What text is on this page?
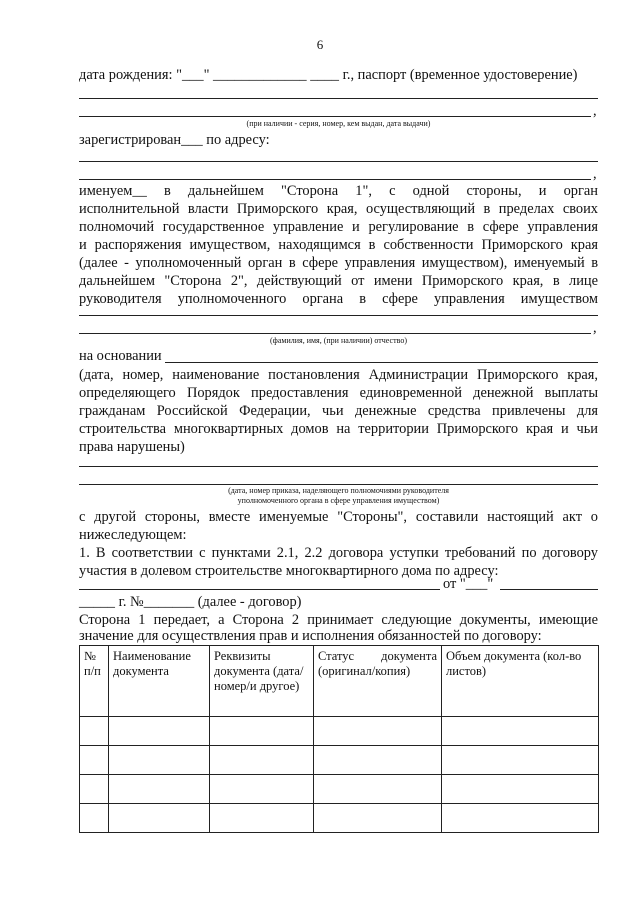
6
дата рождения: "___" _____________ ____ г., паспорт (временное удостоверение)
,
(при наличии - серия, номер, кем выдан, дата выдачи)
зарегистрирован___ по адресу:
,
именуем__ в дальнейшем "Сторона 1", с одной стороны, и орган
исполнительной власти Приморского края, осуществляющий в пределах своих
полномочий государственное управление и регулирование в сфере управления
и распоряжения имуществом, находящимся в собственности Приморского края
(далее - уполномоченный орган в сфере управления имуществом), именуемый в
дальнейшем "Сторона 2", действующий от имени Приморского края, в лице
руководителя уполномоченного органа в сфере управления имуществом
,
(фамилия, имя, (при наличии) отчество)
на основании
(дата, номер, наименование постановления Администрации Приморского края,
определяющего Порядок предоставления единовременной денежной выплаты
гражданам Российской Федерации, чьи денежные средства привлечены для
строительства многоквартирных домов на территории Приморского края и чьи
права нарушены)
(дата, номер приказа, наделяющего полномочиями руководителя
уполномоченного органа в сфере управления имуществом)
с другой стороны, вместе именуемые "Стороны", составили настоящий акт о
нижеследующем:
1. В соответствии с пунктами 2.1, 2.2 договора уступки требований по договору
участия в долевом строительстве многоквартирного дома по адресу:
от "___"
_____ г. №_______ (далее - договор)
Сторона 1 передает, а Сторона 2 принимает следующие документы, имеющие
значение для осуществления прав и исполнения обязанностей по договору:
№ п/п	Наименование документа	Реквизиты документа (дата/номер/и другое)	Статус документа (оригинал/копия)	Объем документа (кол-во листов)
